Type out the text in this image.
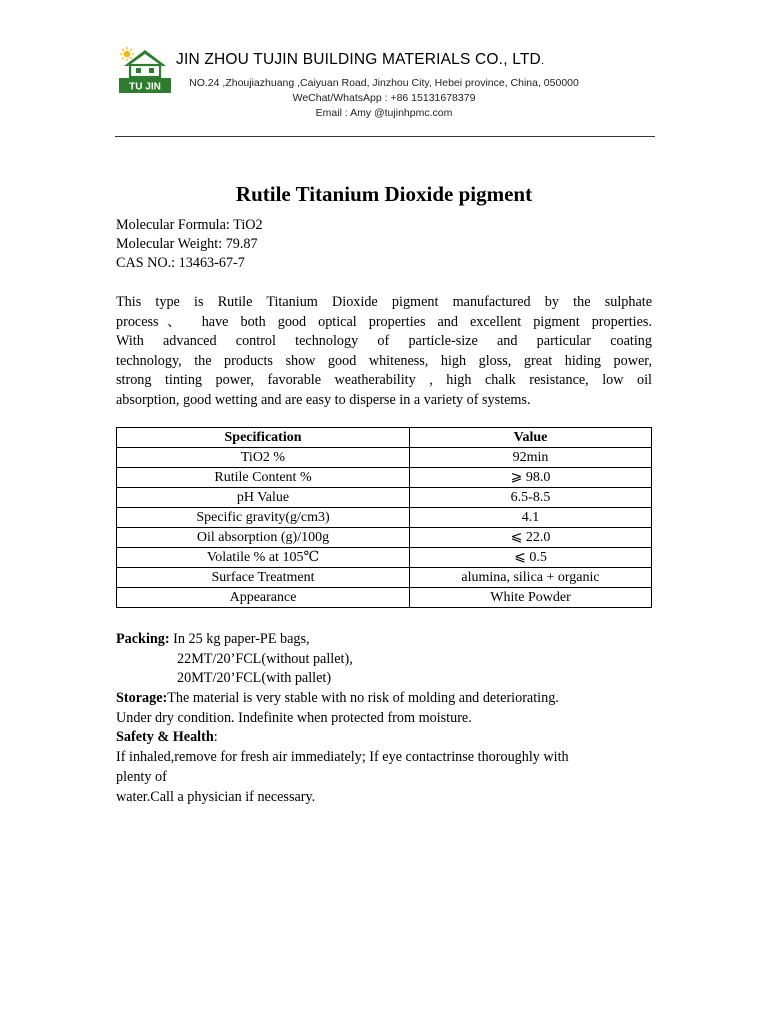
TU JIN
JIN ZHOU TUJIN BUILDING MATERIALS CO., LTD.
NO.24 ,Zhoujiazhuang ,Caiyuan Road, Jinzhou City, Hebei province, China, 050000
WeChat/WhatsApp : +86 15131678379
Email : Amy @tujinhpmc.com
Rutile Titanium Dioxide pigment
Molecular Formula: TiO2
Molecular Weight: 79.87
CAS NO.: 13463-67-7
This type is Rutile Titanium Dioxide pigment manufactured by the sulphate
process、 have both good optical properties and excellent pigment properties.
With advanced control technology of particle-size and particular coating
technology, the products show good whiteness, high gloss, great hiding power,
strong tinting power, favorable weatherability , high chalk resistance, low oil
absorption, good wetting and are easy to disperse in a variety of systems.
Specification	Value
TiO2 %	92min
Rutile Content %	⩾ 98.0
pH Value	6.5-8.5
Specific gravity(g/cm3)	4.1
Oil absorption (g)/100g	⩽ 22.0
Volatile % at 105℃	⩽ 0.5
Surface Treatment	alumina, silica + organic
Appearance	White Powder
Packing: In 25 kg paper-PE bags,
22MT/20’FCL(without pallet),
20MT/20’FCL(with pallet)
Storage:The material is very stable with no risk of molding and deteriorating.
Under dry condition. Indefinite when protected from moisture.
Safety & Health:
If inhaled,remove for fresh air immediately; If eye contactrinse thoroughly with
plenty of
water.Call a physician if necessary.
